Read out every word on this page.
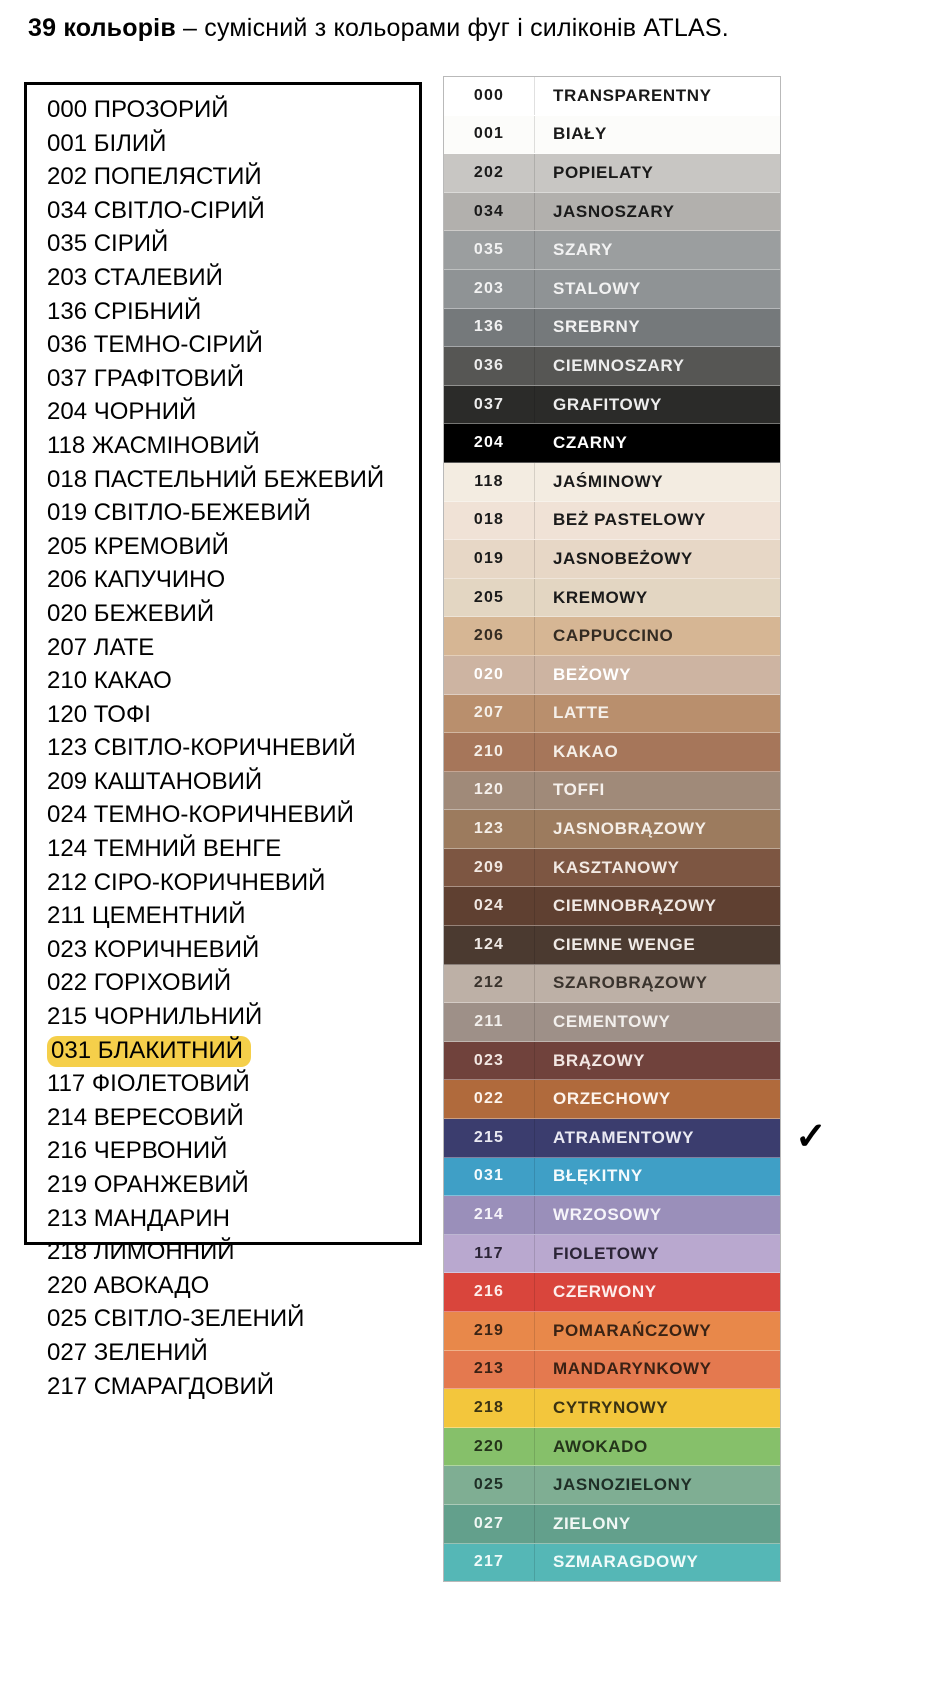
39 кольорів – сумісний з кольорами фуг і силіконів ATLAS.
000 ПРОЗОРИЙ
001 БІЛИЙ
202 ПОПЕЛЯСТИЙ
034 СВІТЛО-СІРИЙ
035 СІРИЙ
203 СТАЛЕВИЙ
136 СРІБНИЙ
036 ТЕМНО-СІРИЙ
037 ГРАФІТОВИЙ
204 ЧОРНИЙ
118 ЖАСМІНОВИЙ
018 ПАСТЕЛЬНИЙ БЕЖЕВИЙ
019 СВІТЛО-БЕЖЕВИЙ
205 КРЕМОВИЙ
206 КАПУЧИНО
020 БЕЖЕВИЙ
207 ЛАТЕ
210 КАКАО
120 ТОФІ
123 СВІТЛО-КОРИЧНЕВИЙ
209 КАШТАНОВИЙ
024 ТЕМНО-КОРИЧНЕВИЙ
124 ТЕМНИЙ ВЕНГЕ
212 СІРО-КОРИЧНЕВИЙ
211 ЦЕМЕНТНИЙ
023 КОРИЧНЕВИЙ
022 ГОРІХОВИЙ
215 ЧОРНИЛЬНИЙ
031 БЛАКИТНИЙ
117 ФІОЛЕТОВИЙ
214 ВЕРЕСОВИЙ
216 ЧЕРВОНИЙ
219 ОРАНЖЕВИЙ
213 МАНДАРИН
218 ЛИМОННИЙ
220 АВОКАДО
025 СВІТЛО-ЗЕЛЕНИЙ
027 ЗЕЛЕНИЙ
217 СМАРАГДОВИЙ
000	TRANSPARENTNY
001	BIAŁY
202	POPIELATY
034	JASNOSZARY
035	SZARY
203	STALOWY
136	SREBRNY
036	CIEMNOSZARY
037	GRAFITOWY
204	CZARNY
118	JAŚMINOWY
018	BEŻ PASTELOWY
019	JASNOBEŻOWY
205	KREMOWY
206	CAPPUCCINO
020	BEŻOWY
207	LATTE
210	KAKAO
120	TOFFI
123	JASNOBRĄZOWY
209	KASZTANOWY
024	CIEMNOBRĄZOWY
124	CIEMNE WENGE
212	SZAROBRĄZOWY
211	CEMENTOWY
023	BRĄZOWY
022	ORZECHOWY
215	ATRAMENTOWY
031	BŁĘKITNY
214	WRZOSOWY
117	FIOLETOWY
216	CZERWONY
219	POMARAŃCZOWY
213	MANDARYNKOWY
218	CYTRYNOWY
220	AWOKADO
025	JASNOZIELONY
027	ZIELONY
217	SZMARAGDOWY
✓
